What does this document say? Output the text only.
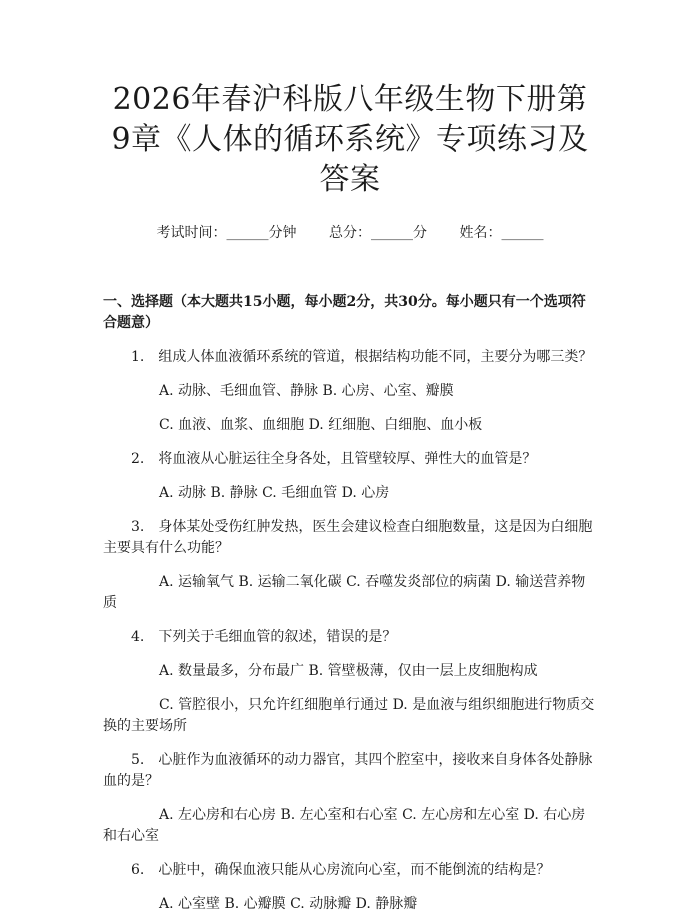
2026年春沪科版八年级生物下册第9章《人体的循环系统》专项练习及答案
考试时间：______分钟 总分：______分 姓名：______
一、选择题（本大题共15小题，每小题2分，共30分。每小题只有一个选项符合题意）
1.　组成人体血液循环系统的管道，根据结构功能不同，主要分为哪三类？
A. 动脉、毛细血管、静脉 B. 心房、心室、瓣膜
C. 血液、血浆、血细胞 D. 红细胞、白细胞、血小板
2.　将血液从心脏运往全身各处，且管壁较厚、弹性大的血管是？
A. 动脉 B. 静脉 C. 毛细血管 D. 心房
3.　身体某处受伤红肿发热，医生会建议检查白细胞数量，这是因为白细胞主要具有什么功能？
A. 运输氧气 B. 运输二氧化碳 C. 吞噬发炎部位的病菌 D. 输送营养物质
4.　下列关于毛细血管的叙述，错误的是？
A. 数量最多，分布最广 B. 管壁极薄，仅由一层上皮细胞构成
C. 管腔很小，只允许红细胞单行通过 D. 是血液与组织细胞进行物质交换的主要场所
5.　心脏作为血液循环的动力器官，其四个腔室中，接收来自身体各处静脉血的是？
A. 左心房和右心房 B. 左心室和右心室 C. 左心房和左心室 D. 右心房和右心室
6.　心脏中，确保血液只能从心房流向心室，而不能倒流的结构是？
A. 心室壁 B. 心瓣膜 C. 动脉瓣 D. 静脉瓣
